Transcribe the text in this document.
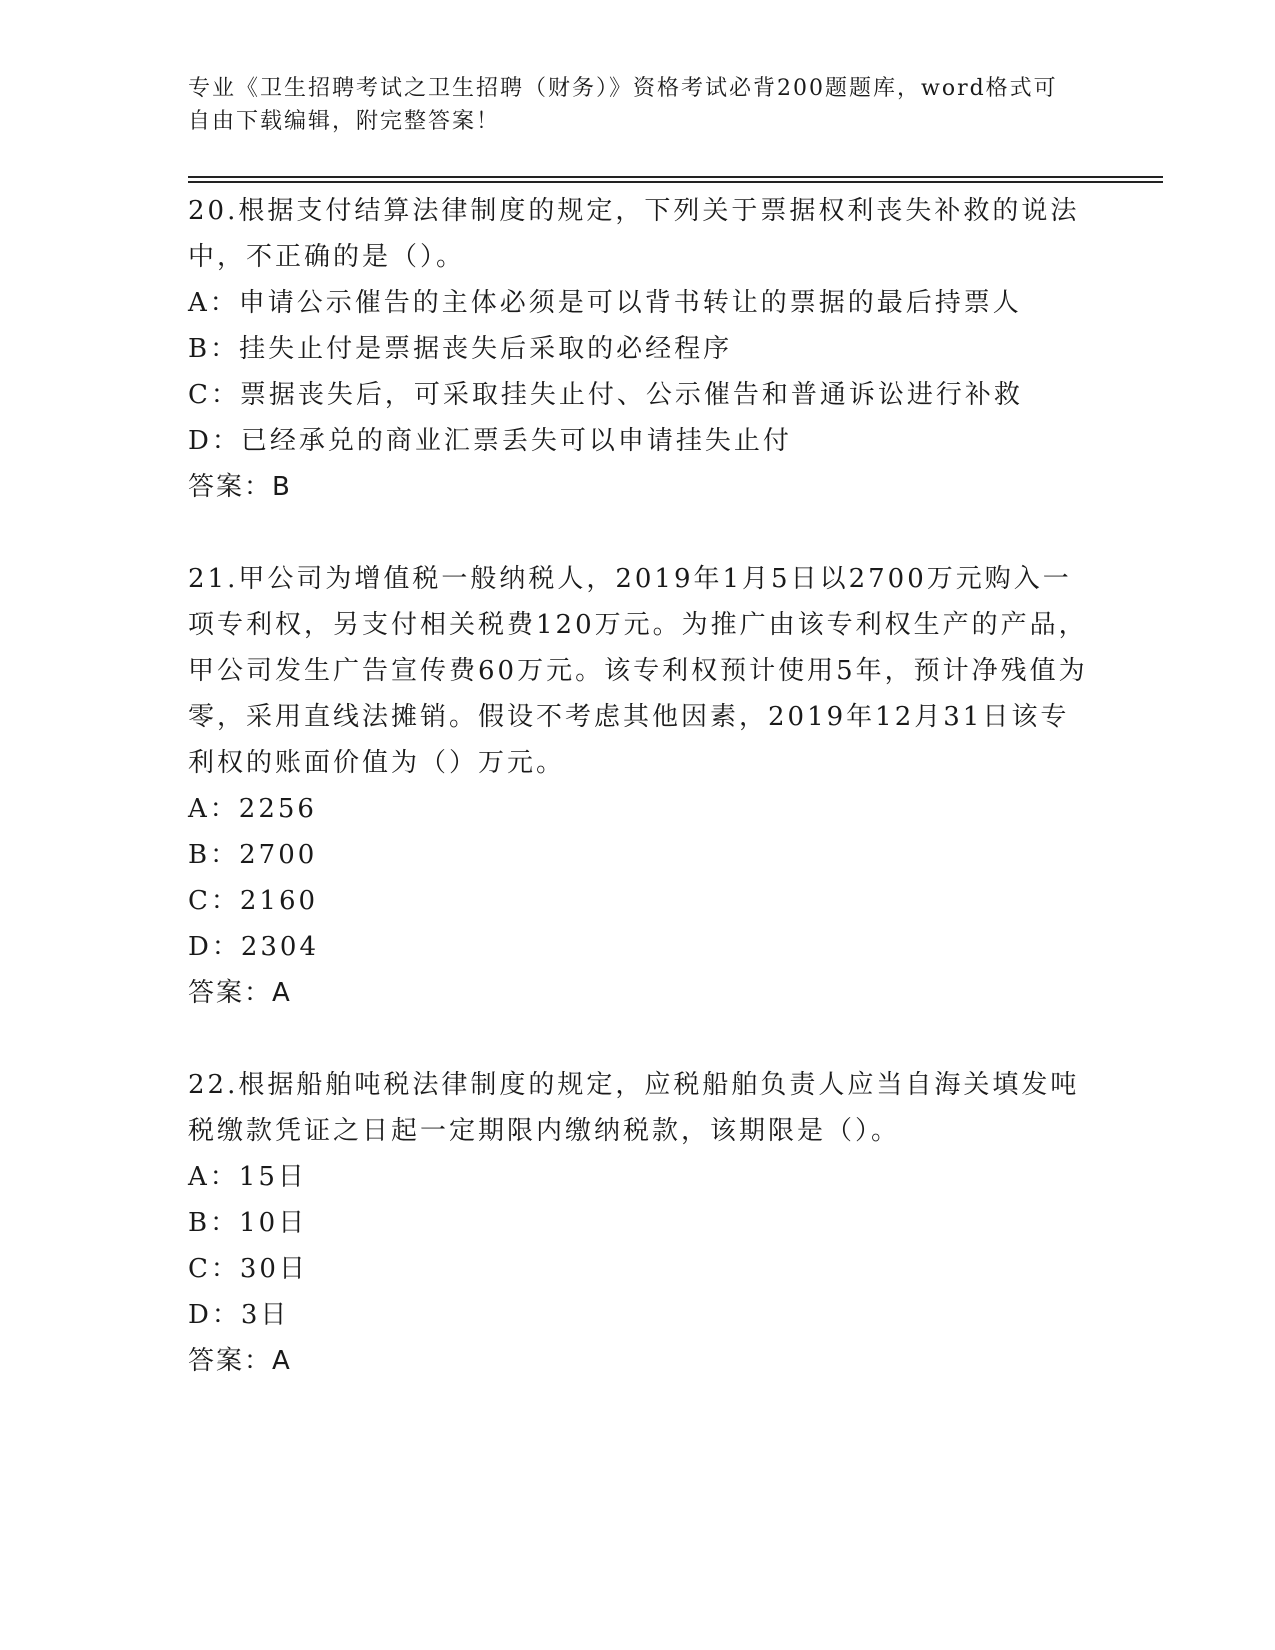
专业《卫生招聘考试之卫生招聘（财务）》资格考试必背200题题库，word格式可自由下载编辑，附完整答案！

20.根据支付结算法律制度的规定，下列关于票据权利丧失补救的说法中，不正确的是（）。

A：申请公示催告的主体必须是可以背书转让的票据的最后持票人

B：挂失止付是票据丧失后采取的必经程序

C：票据丧失后，可采取挂失止付、公示催告和普通诉讼进行补救

D：已经承兑的商业汇票丢失可以申请挂失止付

答案：B

21.甲公司为增值税一般纳税人，2019年1月5日以2700万元购入一项专利权，另支付相关税费120万元。为推广由该专利权生产的产品，甲公司发生广告宣传费60万元。该专利权预计使用5年，预计净残值为零，采用直线法摊销。假设不考虑其他因素，2019年12月31日该专利权的账面价值为（）万元。

A：2256

B：2700

C：2160

D：2304

答案：A

22.根据船舶吨税法律制度的规定，应税船舶负责人应当自海关填发吨税缴款凭证之日起一定期限内缴纳税款，该期限是（）。

A：15日

B：10日

C：30日

D：3日

答案：A
